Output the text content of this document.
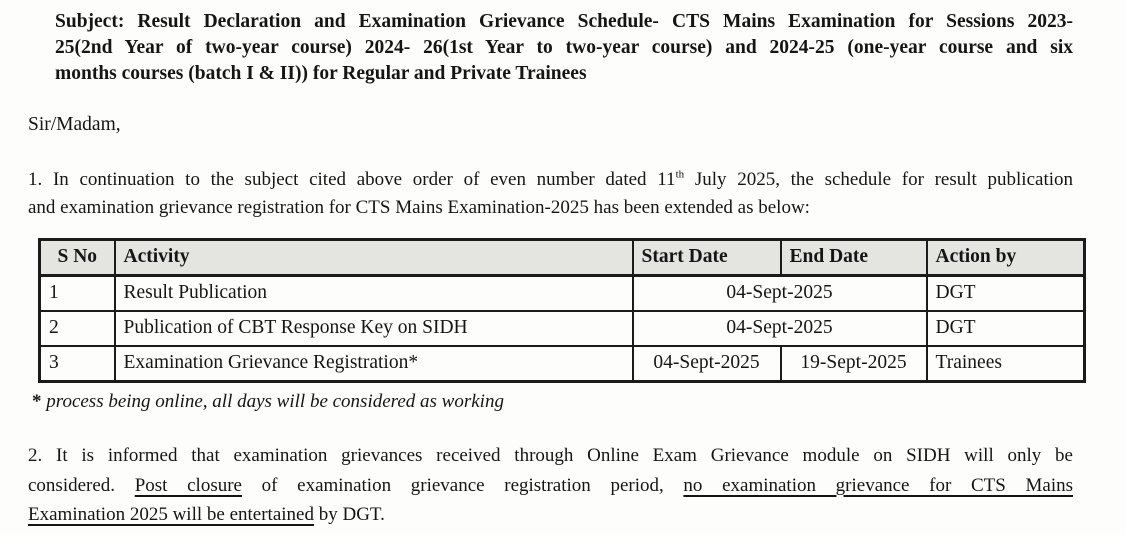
Subject: Result Declaration and Examination Grievance Schedule- CTS Mains Examination for Sessions 2023-
25(2nd Year of two-year course) 2024- 26(1st Year to two-year course) and 2024-25 (one-year course and six
months courses (batch I & II)) for Regular and Private Trainees
Sir/Madam,
1. In continuation to the subject cited above order of even number dated 11th July 2025, the schedule for result publication
and examination grievance registration for CTS Mains Examination-2025 has been extended as below:
S No	Activity	Start Date	End Date	Action by
1	Result Publication	04-Sept-2025		DGT
2	Publication of CBT Response Key on SIDH	04-Sept-2025		DGT
3	Examination Grievance Registration*	04-Sept-2025	19-Sept-2025	Trainees
* process being online, all days will be considered as working
2. It is informed that examination grievances received through Online Exam Grievance module on SIDH will only be
considered. Post closure of examination grievance registration period, no examination grievance for CTS Mains
Examination 2025 will be entertained by DGT.
